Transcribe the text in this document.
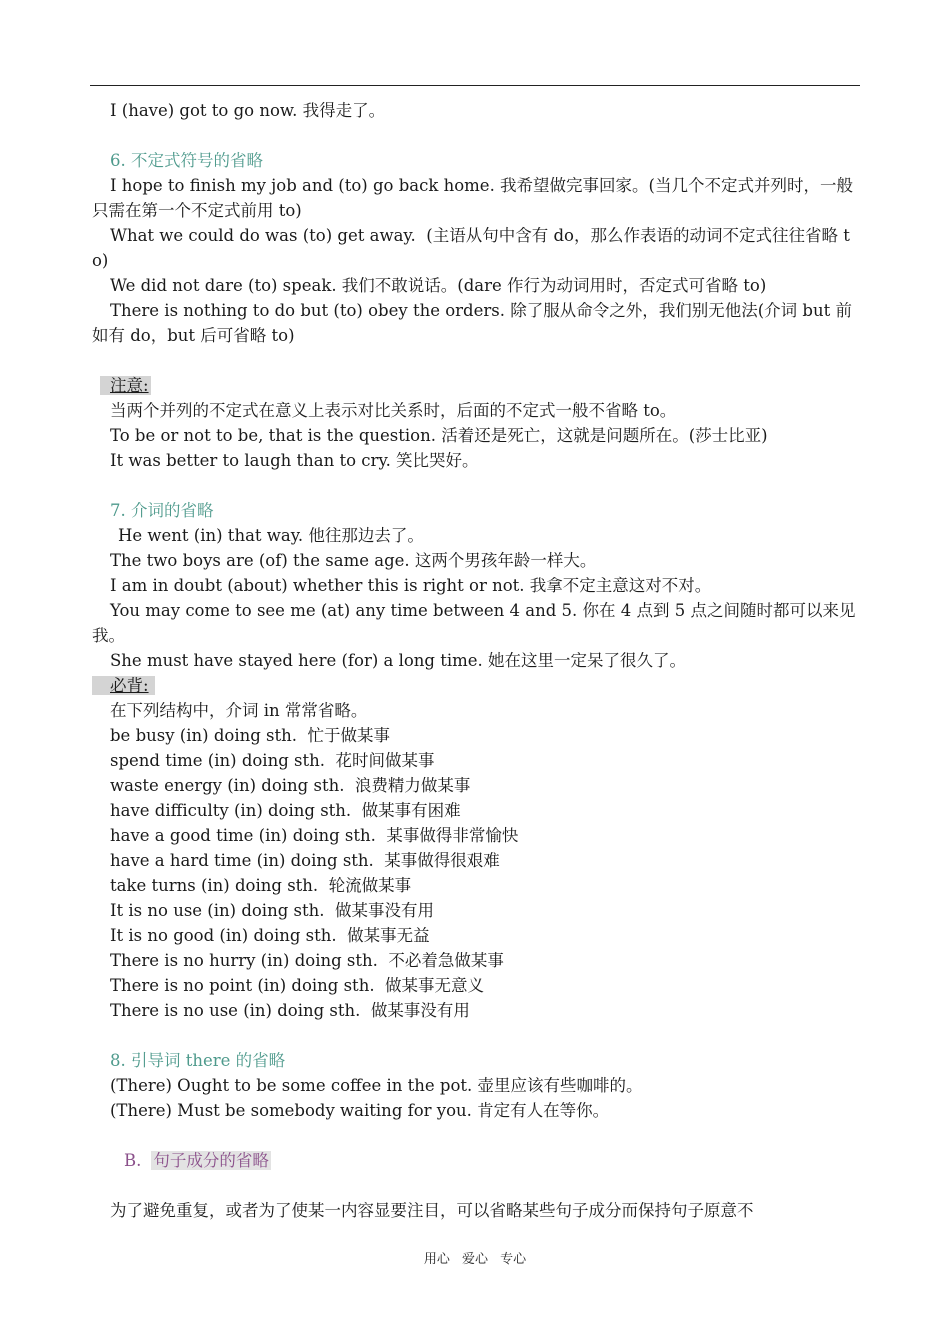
I (have) got to go now. 我得走了。

6. 不定式符号的省略

I hope to finish my job and (to) go back home. 我希望做完事回家。(当几个不定式并列时，一般只需在第一个不定式前用 to)

What we could do was (to) get away.  (主语从句中含有 do，那么作表语的动词不定式往往省略 to)

We did not dare (to) speak. 我们不敢说话。(dare 作行为动词用时，否定式可省略 to)

There is nothing to do but (to) obey the orders. 除了服从命令之外，我们别无他法(介词 but 前如有 do，but 后可省略 to)

注意:

当两个并列的不定式在意义上表示对比关系时，后面的不定式一般不省略 to。

To be or not to be, that is the question. 活着还是死亡，这就是问题所在。(莎士比亚)

It was better to laugh than to cry. 笑比哭好。

7. 介词的省略

He went (in) that way. 他往那边去了。

The two boys are (of) the same age. 这两个男孩年龄一样大。

I am in doubt (about) whether this is right or not. 我拿不定主意这对不对。

You may come to see me (at) any time between 4 and 5. 你在 4 点到 5 点之间随时都可以来见我。

She must have stayed here (for) a long time. 她在这里一定呆了很久了。

必背:

在下列结构中，介词 in 常常省略。

be busy (in) doing sth.  忙于做某事

spend time (in) doing sth.  花时间做某事

waste energy (in) doing sth.  浪费精力做某事

have difficulty (in) doing sth.  做某事有困难

have a good time (in) doing sth.  某事做得非常愉快

have a hard time (in) doing sth.  某事做得很艰难

take turns (in) doing sth.  轮流做某事

It is no use (in) doing sth.  做某事没有用

It is no good (in) doing sth.  做某事无益

There is no hurry (in) doing sth.  不必着急做某事

There is no point (in) doing sth.  做某事无意义

There is no use (in) doing sth.  做某事没有用

8. 引导词 there 的省略

(There) Ought to be some coffee in the pot. 壶里应该有些咖啡的。

(There) Must be somebody waiting for you. 肯定有人在等你。

B. 句子成分的省略

为了避免重复，或者为了使某一内容显要注目，可以省略某些句子成分而保持句子原意不

用心 爱心 专心
